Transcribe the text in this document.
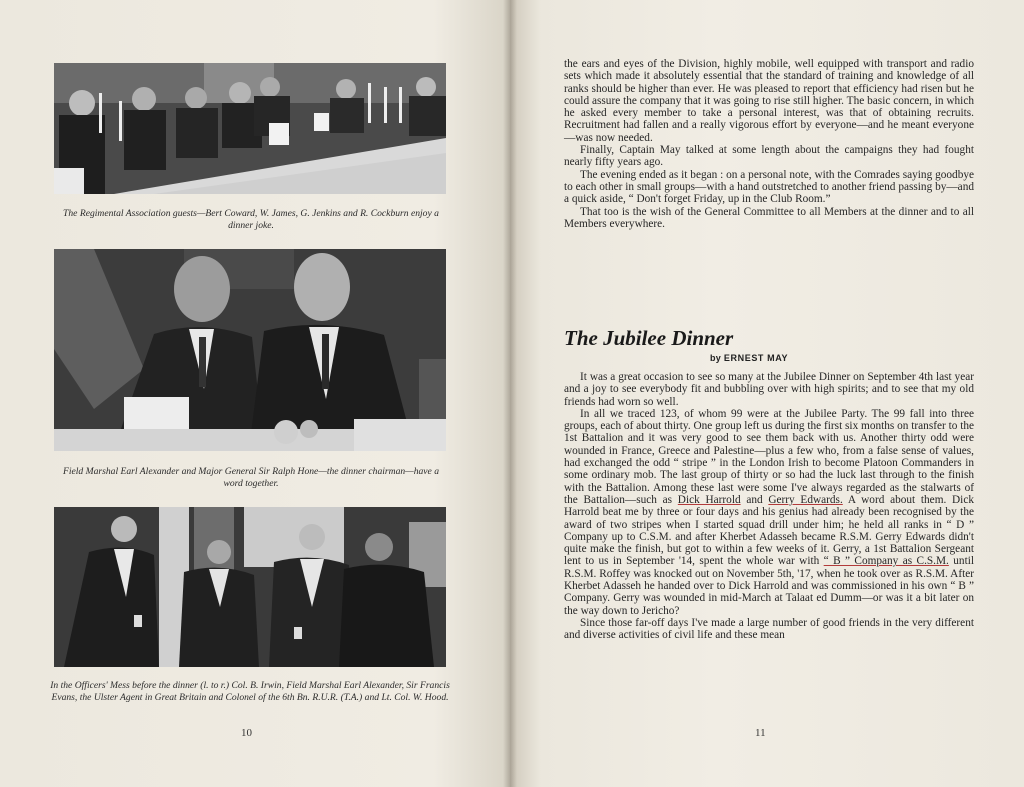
The Regimental Association guests—Bert Coward, W. James, G. Jenkins and R. Cockburn enjoy a dinner joke.
Field Marshal Earl Alexander and Major General Sir Ralph Hone—the dinner chairman—have a word together.
In the Officers' Mess before the dinner (l. to r.) Col. B. Irwin, Field Marshal Earl Alexander, Sir Francis Evans, the Ulster Agent in Great Britain and Colonel of the 6th Bn. R.U.R. (T.A.) and Lt. Col. W. Hood.
10

the ears and eyes of the Division, highly mobile, well equipped with transport and radio sets which made it absolutely essential that the standard of training and knowledge of all ranks should be higher than ever. He was pleased to report that efficiency had risen but he could assure the company that it was going to rise still higher. The basic concern, in which he asked every member to take a personal interest, was that of obtaining recruits. Recruitment had fallen and a really vigorous effort by everyone—and he meant everyone—was now needed.

Finally, Captain May talked at some length about the campaigns they had fought nearly fifty years ago.

The evening ended as it began : on a personal note, with the Comrades saying goodbye to each other in small groups—with a hand outstretched to another friend passing by—and a quick aside, “ Don't forget Friday, up in the Club Room.”

That too is the wish of the General Committee to all Members at the dinner and to all Members everywhere.

The Jubilee Dinner
by ERNEST MAY

It was a great occasion to see so many at the Jubilee Dinner on September 4th last year and a joy to see everybody fit and bubbling over with high spirits; and to see that my old friends had worn so well.

In all we traced 123, of whom 99 were at the Jubilee Party. The 99 fall into three groups, each of about thirty. One group left us during the first six months on transfer to the 1st Battalion and it was very good to see them back with us. Another thirty odd were wounded in France, Greece and Palestine—plus a few who, from a false sense of values, had exchanged the odd “ stripe ” in the London Irish to become Platoon Commanders in some ordinary mob. The last group of thirty or so had the luck last through to the finish with the Battalion. Among these last were some I've always regarded as the stalwarts of the Battalion—such as Dick Harrold and Gerry Edwards. A word about them. Dick Harrold beat me by three or four days and his genius had already been recognised by the award of two stripes when I started squad drill under him; he held all ranks in “ D ” Company up to C.S.M. and after Kherbet Adasseh became R.S.M. Gerry Edwards didn't quite make the finish, but got to within a few weeks of it. Gerry, a 1st Battalion Sergeant lent to us in September '14, spent the whole war with “ B ” Company as C.S.M. until R.S.M. Roffey was knocked out on November 5th, '17, when he took over as R.S.M. After Kherbet Adasseh he handed over to Dick Harrold and was commissioned in his own “ B ” Company. Gerry was wounded in mid-March at Talaat ed Dumm—or was it a bit later on the way down to Jericho?

Since those far-off days I've made a large number of good friends in the very different and diverse activities of civil life and these mean

11
